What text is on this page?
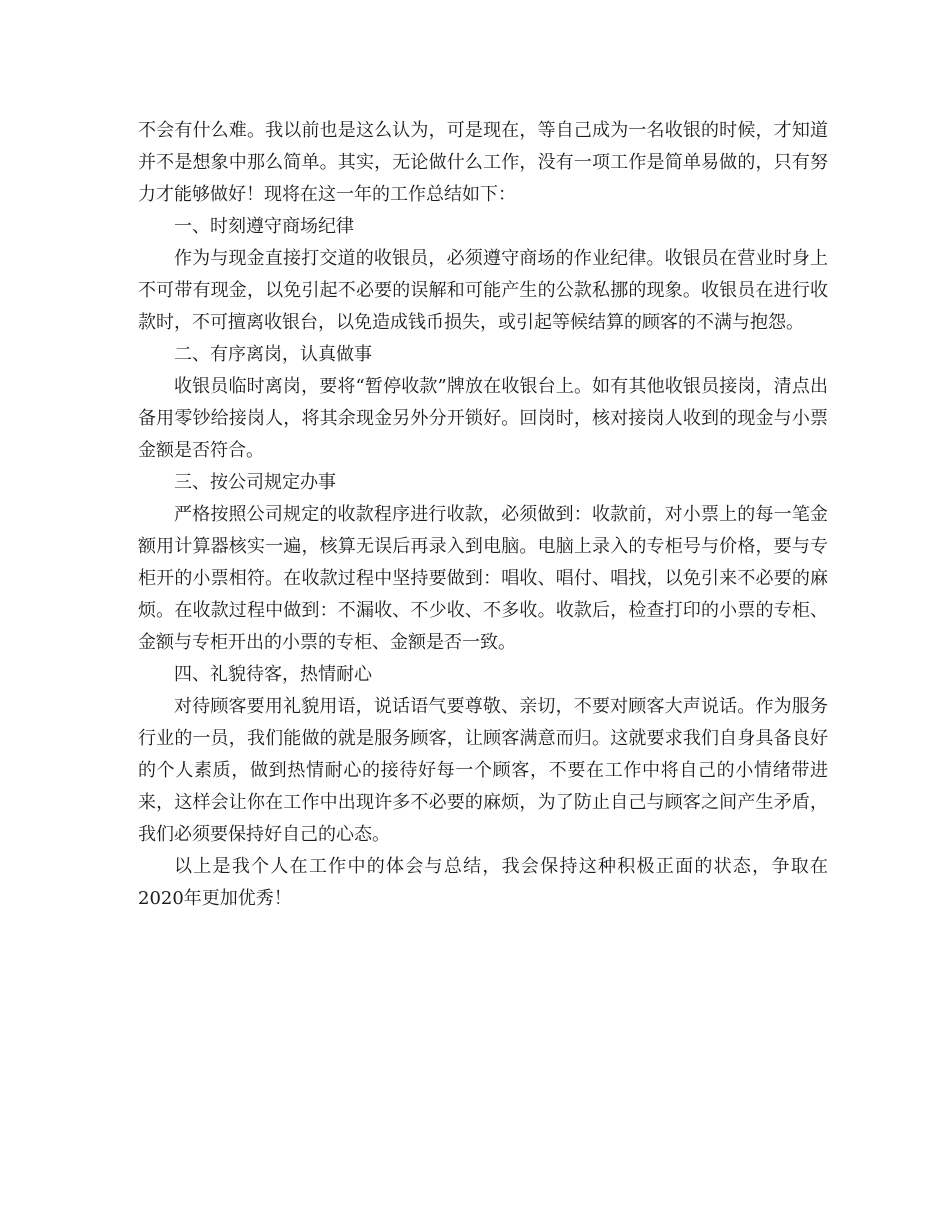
不会有什么难。我以前也是这么认为，可是现在，等自己成为一名收银的时候，才知道并不是想象中那么简单。其实，无论做什么工作，没有一项工作是简单易做的，只有努力才能够做好！现将在这一年的工作总结如下：

一、时刻遵守商场纪律

作为与现金直接打交道的收银员，必须遵守商场的作业纪律。收银员在营业时身上不可带有现金，以免引起不必要的误解和可能产生的公款私挪的现象。收银员在进行收款时，不可擅离收银台，以免造成钱币损失，或引起等候结算的顾客的不满与抱怨。

二、有序离岗，认真做事

收银员临时离岗，要将“暂停收款”牌放在收银台上。如有其他收银员接岗，清点出备用零钞给接岗人，将其余现金另外分开锁好。回岗时，核对接岗人收到的现金与小票金额是否符合。

三、按公司规定办事

严格按照公司规定的收款程序进行收款，必须做到：收款前，对小票上的每一笔金额用计算器核实一遍，核算无误后再录入到电脑。电脑上录入的专柜号与价格，要与专柜开的小票相符。在收款过程中坚持要做到：唱收、唱付、唱找，以免引来不必要的麻烦。在收款过程中做到：不漏收、不少收、不多收。收款后，检查打印的小票的专柜、金额与专柜开出的小票的专柜、金额是否一致。

四、礼貌待客，热情耐心

对待顾客要用礼貌用语，说话语气要尊敬、亲切，不要对顾客大声说话。作为服务行业的一员，我们能做的就是服务顾客，让顾客满意而归。这就要求我们自身具备良好的个人素质，做到热情耐心的接待好每一个顾客，不要在工作中将自己的小情绪带进来，这样会让你在工作中出现许多不必要的麻烦，为了防止自己与顾客之间产生矛盾，我们必须要保持好自己的心态。

以上是我个人在工作中的体会与总结，我会保持这种积极正面的状态，争取在2020年更加优秀！
